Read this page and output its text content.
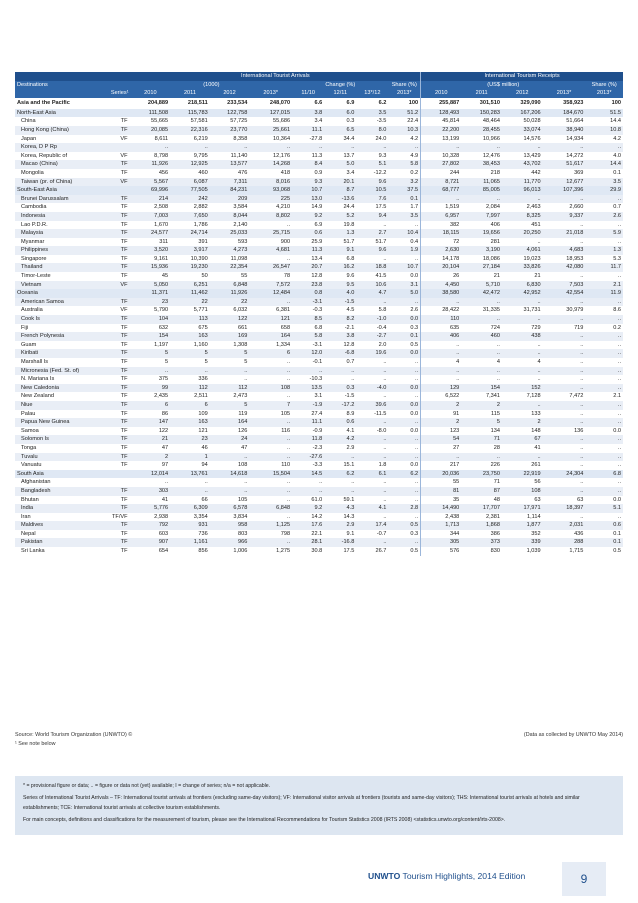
		International Tourist Arrivals								International Tourism Receipts				
Destinations		(1000)				Change (%)			Share (%)	(US$ million)				Share (%)
Series¹		2010	2011	2012	2013*	11/10	12/11	13*/12	2013*	2010	2011	2012	2013*	2013*
Asia and the Pacific		204,889	218,511	233,534	248,070	6.6	6.9	6.2	100	255,887	301,510	329,090	358,923	100
North-East Asia		111,508	115,783	122,758	127,015	3.8	6.0	3.5	51.2	128,493	150,283	167,206	184,670	51.5
China	TF	55,665	57,581	57,725	55,686	3.4	0.3	-3.5	22.4	45,814	48,464	50,028	51,664	14.4
Hong Kong (China)	TF	20,085	22,316	23,770	25,661	11.1	6.5	8.0	10.3	22,200	28,455	33,074	38,940	10.8
Japan	VF	8,611	6,219	8,358	10,364	-27.8	34.4	24.0	4.2	13,199	10,966	14,576	14,934	4.2
Korea, D P Rp		..	..	..	..	..	..	..	..	..	..	..	..	..
Korea, Republic of	VF	8,798	9,795	11,140	12,176	11.3	13.7	9.3	4.9	10,328	12,476	13,429	14,272	4.0
Macao (China)	TF	11,926	12,925	13,577	14,268	8.4	5.0	5.1	5.8	27,802	38,453	43,702	51,617	14.4
Mongolia	TF	456	460	476	418	0.9	3.4	-12.2	0.2	244	218	442	369	0.1
Taiwan (pr. of China)	VF	5,567	6,087	7,311	8,016	9.3	20.1	9.6	3.2	8,721	11,065	11,770	12,677	3.5
South-East Asia		69,996	77,505	84,231	93,068	10.7	8.7	10.5	37.5	68,777	85,005	96,013	107,396	29.9
Brunei Darussalam	TF	214	242	209	225	13.0	-13.6	7.6	0.1	..	..	..	..	..
Cambodia	TF	2,508	2,882	3,584	4,210	14.9	24.4	17.5	1.7	1,519	2,084	2,463	2,660	0.7
Indonesia	TF	7,003	7,650	8,044	8,802	9.2	5.2	9.4	3.5	6,957	7,997	8,325	9,337	2.6
Lao P.D.R.	TF	1,670	1,786	2,140	..	6.9	19.8	..	..	382	406	451	..	..
Malaysia	TF	24,577	24,714	25,033	25,715	0.6	1.3	2.7	10.4	18,115	19,656	20,250	21,018	5.9
Myanmar	TF	311	391	593	900	25.9	51.7	51.7	0.4	72	281	..	..	..
Philippines	TF	3,520	3,917	4,273	4,681	11.3	9.1	9.6	1.9	2,630	3,190	4,061	4,683	1.3
Singapore	TF	9,161	10,390	11,098	..	13.4	6.8	..	..	14,178	18,086	19,023	18,953	5.3
Thailand	TF	15,936	19,230	22,354	26,547	20.7	16.2	18.8	10.7	20,104	27,184	33,826	42,080	11.7
Timor-Leste	TF	45	50	55	78	12.8	9.6	41.5	0.0	26	21	21	..	..
Vietnam	VF	5,050	6,251	6,848	7,572	23.8	9.5	10.6	3.1	4,450	5,710	6,830	7,503	2.1
Oceania		11,371	11,462	11,926	12,484	0.8	4.0	4.7	5.0	38,580	42,472	42,952	42,554	11.9
American Samoa	TF	23	22	22	..	-3.1	-1.5	..	..	..	..	..	..	..
Australia	VF	5,790	5,771	6,032	6,381	-0.3	4.5	5.8	2.6	28,422	31,335	31,731	30,979	8.6
Cook Is	TF	104	113	122	121	8.5	8.2	-1.0	0.0	110	..	..	..	..
Fiji	TF	632	675	661	658	6.8	-2.1	-0.4	0.3	635	724	729	719	0.2
French Polynesia	TF	154	163	169	164	5.8	3.8	-2.7	0.1	406	460	438	..	..
Guam	TF	1,197	1,160	1,308	1,334	-3.1	12.8	2.0	0.5	..	..	..	..	..
Kiribati	TF	5	5	5	6	12.0	-6.8	19.6	0.0	..	..	..	..	..
Marshall Is	TF	5	5	5	..	-0.1	0.7	..	..	4	4	4	..	..
Micronesia (Fed. St. of)	TF	..	..	..	..	..	..	..	..	..	..	..	..	..
N. Mariana Is	TF	375	336	..	..	-10.3	..	..	..	..	..	..	..	..
New Caledonia	TF	99	112	112	108	13.5	0.3	-4.0	0.0	129	154	152	..	..
New Zealand	TF	2,435	2,511	2,473	..	3.1	-1.5	..	..	6,522	7,341	7,128	7,472	2.1
Niue	TF	6	6	5	7	-1.9	-17.2	39.6	0.0	2	2	..	..	..
Palau	TF	86	109	119	105	27.4	8.9	-11.5	0.0	91	115	133	..	..
Papua New Guinea	TF	147	163	164	..	11.1	0.6	..	..	2	5	2	..	..
Samoa	TF	122	121	126	116	-0.9	4.1	-8.0	0.0	123	134	148	136	0.0
Solomon Is	TF	21	23	24	..	11.8	4.2	..	..	54	71	67	..	..
Tonga	TF	47	46	47	..	-2.3	2.9	..	..	27	28	41	..	..
Tuvalu	TF	2	1	..	..	-27.6	..	..	..	..	..	..	..	..
Vanuatu	TF	97	94	108	110	-3.3	15.1	1.8	0.0	217	226	261	..	..
South Asia		12,014	13,761	14,618	15,504	14.5	6.2	6.1	6.2	20,036	23,750	22,919	24,304	6.8
Afghanistan		..	..	..	..	..	..	..	..	55	71	56	..	..
Bangladesh	TF	303	..	..	..	..	..	..	..	81	87	108	..	..
Bhutan	TF	41	66	105	..	61.0	59.1	..	..	35	48	63	63	0.0
India	TF	5,776	6,309	6,578	6,848	9.2	4.3	4.1	2.8	14,490	17,707	17,971	18,397	5.1
Iran	TF/VF	2,938	3,354	3,834	..	14.2	14.3	..	..	2,438	2,381	1,114	..	..
Maldives	TF	792	931	958	1,125	17.6	2.9	17.4	0.5	1,713	1,868	1,877	2,031	0.6
Nepal	TF	603	736	803	798	22.1	9.1	-0.7	0.3	344	386	352	436	0.1
Pakistan	TF	907	1,161	966	..	28.1	-16.8	..	..	305	373	339	288	0.1
Sri Lanka	TF	654	856	1,006	1,275	30.8	17.5	26.7	0.5	576	830	1,039	1,715	0.5
Source: World Tourism Organization (UNWTO) ©	(Data as collected by UNWTO May 2014)
¹ See note below

* = provisional figure or data; .. = figure or data not (yet) available; I = change of series; n/a = not applicable.

Series of International Tourist Arrivals – TF: International tourist arrivals at frontiers (excluding same-day visitors); VF: International visitor arrivals at frontiers (tourists and same-day visitors); THS: International tourist arrivals at hotels and similar establishments; TCE: International tourist arrivals at collective tourism establishments.

For main concepts, definitions and classifications for the measurement of tourism, please see the International Recommendations for Tourism Statistics 2008 (IRTS 2008) <statistics.unwto.org/content/irts-2008>.

UNWTO Tourism Highlights, 2014 Edition	9
